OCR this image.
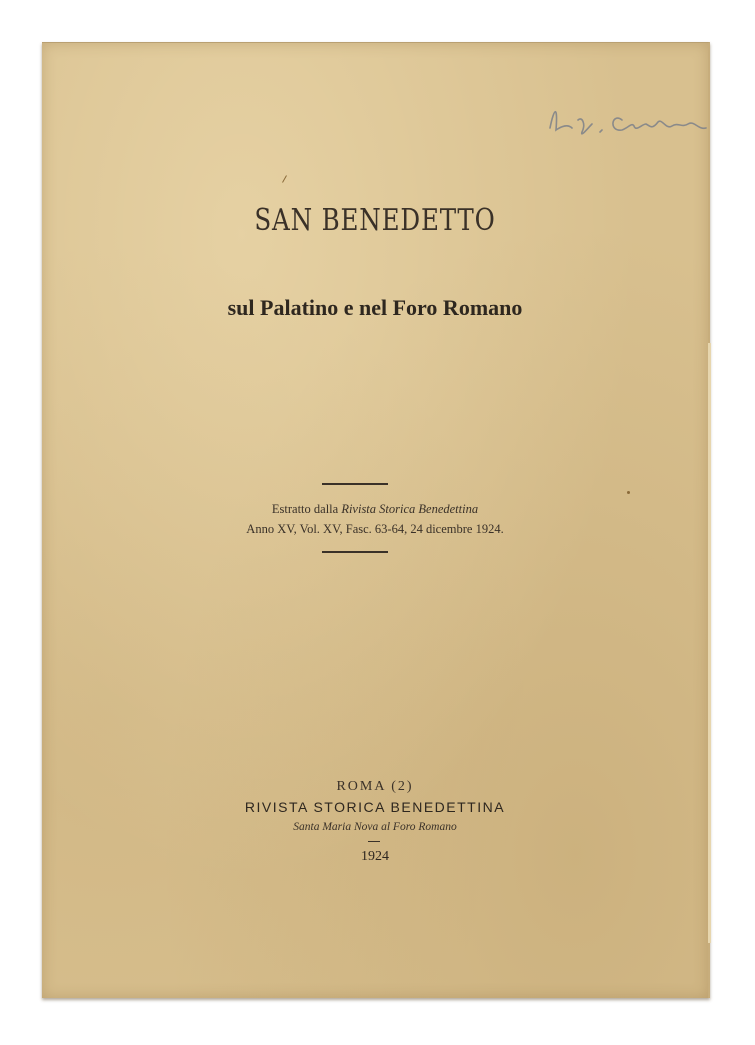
SAN BENEDETTO
sul Palatino e nel Foro Romano
Estratto dalla Rivista Storica Benedettina
Anno XV, Vol. XV, Fasc. 63-64, 24 dicembre 1924.
ROMA (2)
RIVISTA STORICA BENEDETTINA
Santa Maria Nova al Foro Romano
1924
